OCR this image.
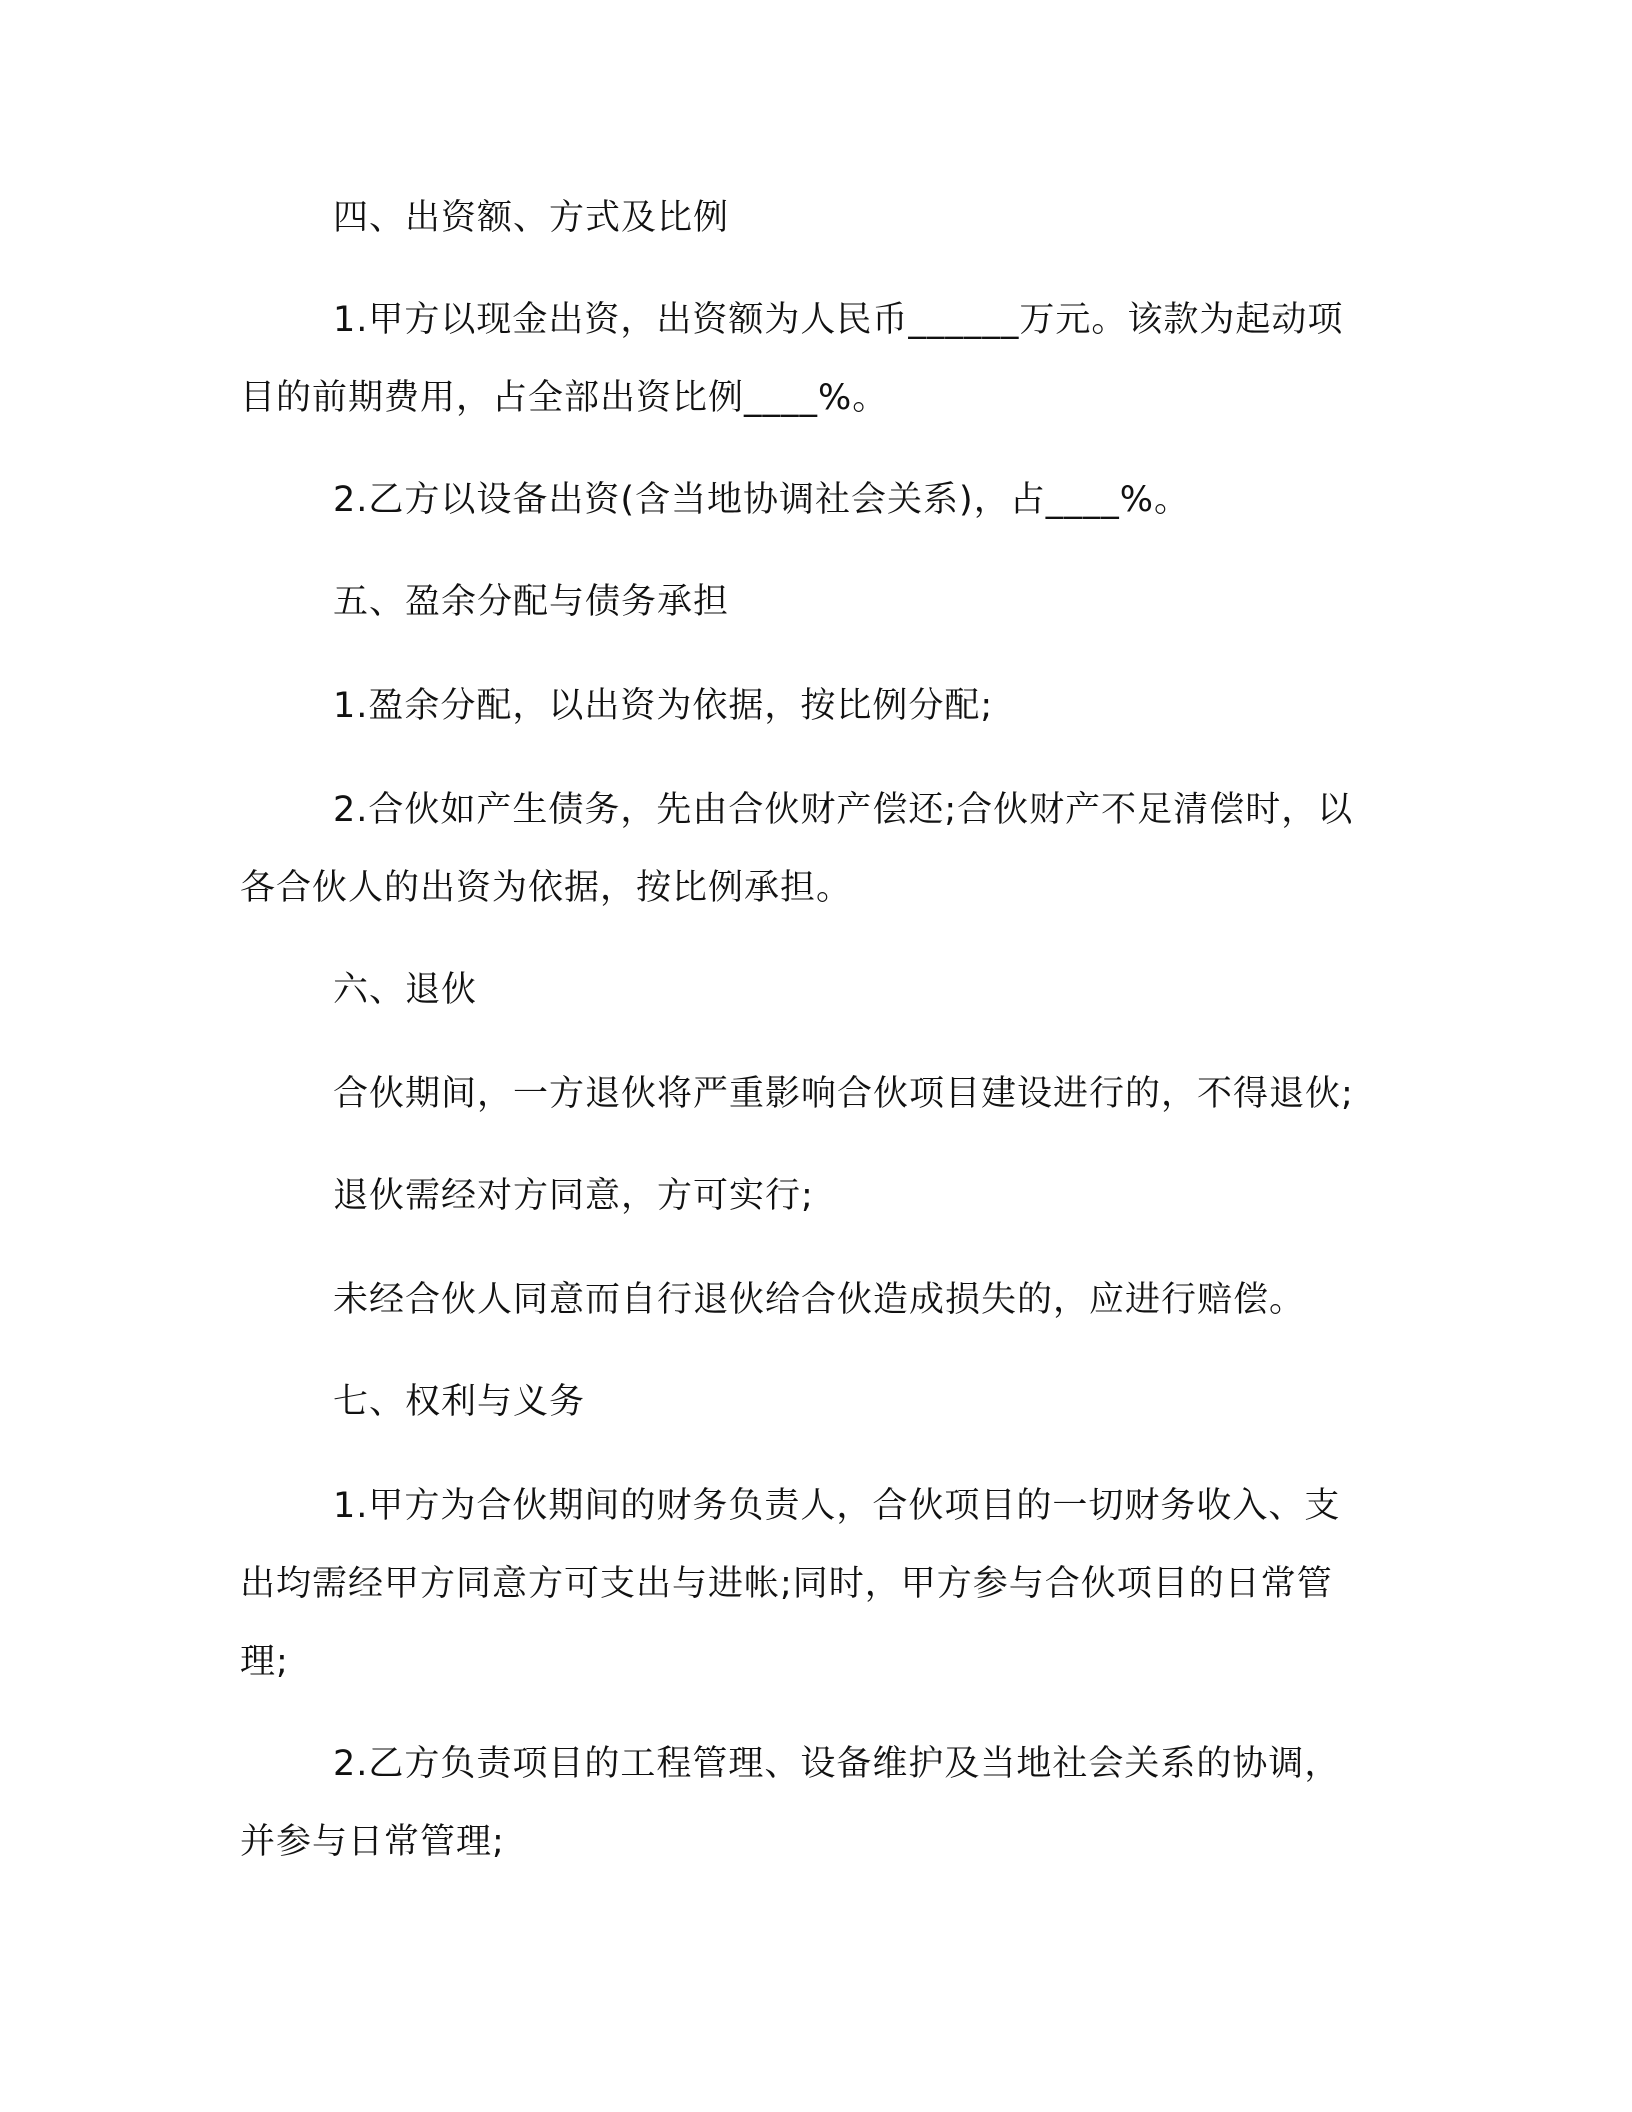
四、出资额、方式及比例
1.甲方以现金出资，出资额为人民币______万元。该款为起动项
目的前期费用，占全部出资比例____%。
2.乙方以设备出资(含当地协调社会关系)，占____%。
五、盈余分配与债务承担
1.盈余分配，以出资为依据，按比例分配;
2.合伙如产生债务，先由合伙财产偿还;合伙财产不足清偿时，以
各合伙人的出资为依据，按比例承担。
六、退伙
合伙期间，一方退伙将严重影响合伙项目建设进行的，不得退伙;
退伙需经对方同意，方可实行;
未经合伙人同意而自行退伙给合伙造成损失的，应进行赔偿。
七、权利与义务
1.甲方为合伙期间的财务负责人，合伙项目的一切财务收入、支
出均需经甲方同意方可支出与进帐;同时，甲方参与合伙项目的日常管
理;
2.乙方负责项目的工程管理、设备维护及当地社会关系的协调，
并参与日常管理;
